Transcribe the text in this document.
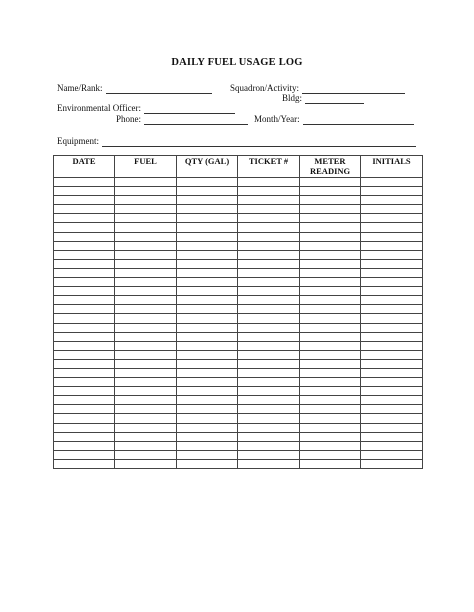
DAILY FUEL USAGE LOG
Name/Rank:	Squadron/Activity:
Bldg:
Environmental Officer:
Phone:	Month/Year:
Equipment:
DATE	FUEL	QTY (GAL)	TICKET #	METER READING	INITIALS
